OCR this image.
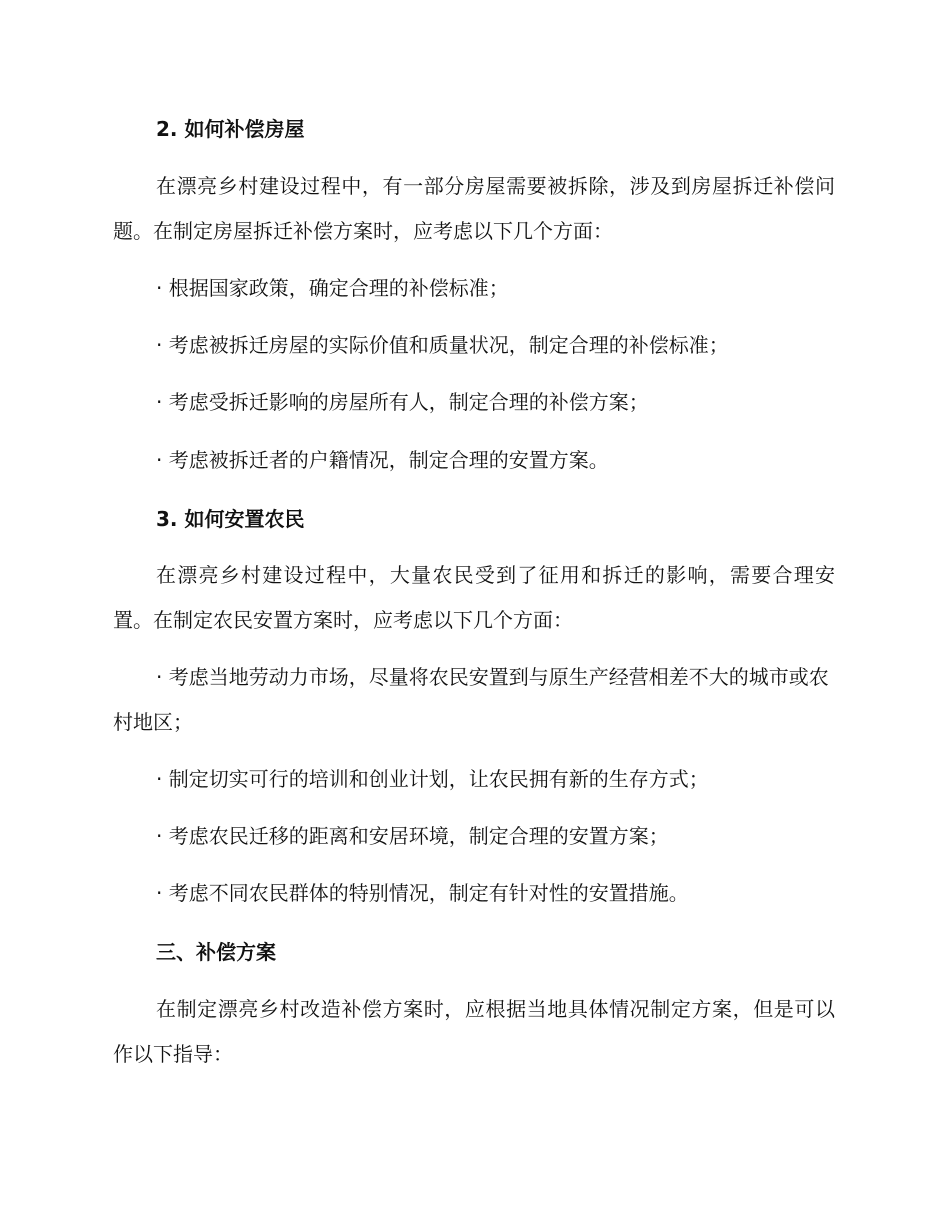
2. 如何补偿房屋

在漂亮乡村建设过程中，有一部分房屋需要被拆除，涉及到房屋拆迁补偿问题。在制定房屋拆迁补偿方案时，应考虑以下几个方面：

· 根据国家政策，确定合理的补偿标准；

· 考虑被拆迁房屋的实际价值和质量状况，制定合理的补偿标准；

· 考虑受拆迁影响的房屋所有人，制定合理的补偿方案；

· 考虑被拆迁者的户籍情况，制定合理的安置方案。

3. 如何安置农民

在漂亮乡村建设过程中，大量农民受到了征用和拆迁的影响，需要合理安置。在制定农民安置方案时，应考虑以下几个方面：

· 考虑当地劳动力市场，尽量将农民安置到与原生产经营相差不大的城市或农村地区；

· 制定切实可行的培训和创业计划，让农民拥有新的生存方式；

· 考虑农民迁移的距离和安居环境，制定合理的安置方案；

· 考虑不同农民群体的特别情况，制定有针对性的安置措施。

三、补偿方案

在制定漂亮乡村改造补偿方案时，应根据当地具体情况制定方案，但是可以作以下指导：
